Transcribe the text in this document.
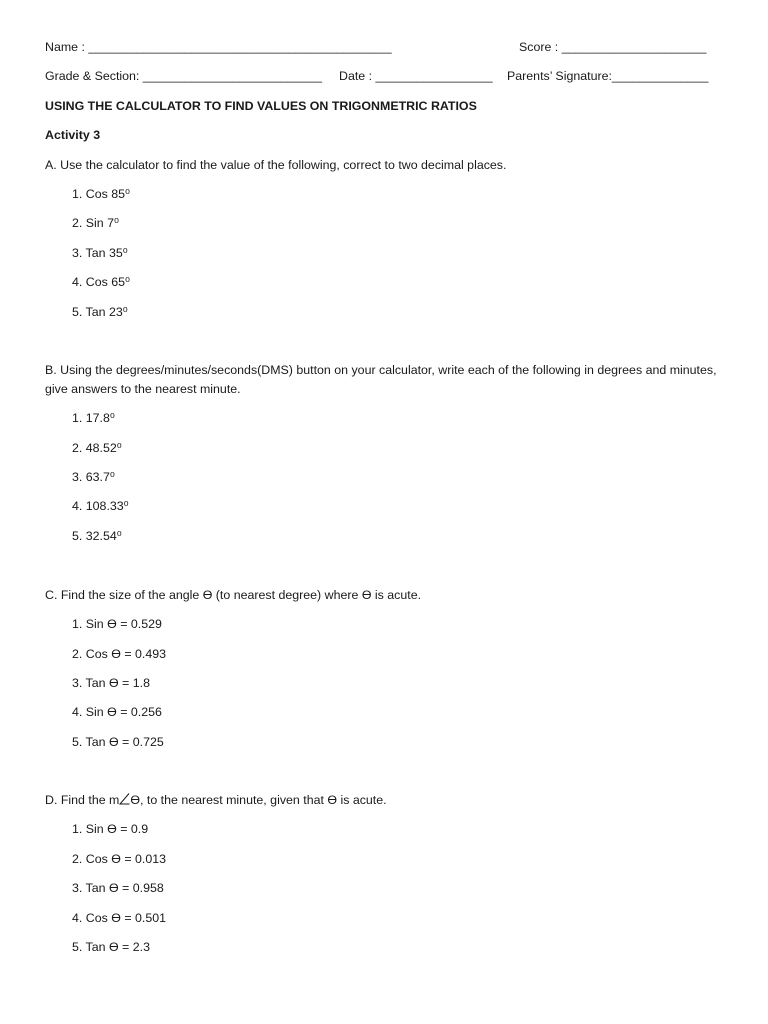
Name : ____________________________________________	Score : _____________________
Grade & Section: __________________________ Date : _________________ Parents’ Signature:______________
USING THE CALCULATOR TO FIND VALUES ON TRIGONMETRIC RATIOS
Activity 3
A. Use the calculator to find the value of the following, correct to two decimal places.
1. Cos 85⁰
2. Sin 7⁰
3. Tan 35⁰
4. Cos 65⁰
5. Tan 23⁰
B. Using the degrees/minutes/seconds(DMS) button on your calculator, write each of the following in degrees and minutes, give answers to the nearest minute.
1. 17.8⁰
2. 48.52⁰
3. 63.7⁰
4. 108.33⁰
5. 32.54⁰
C. Find the size of the angle ϴ (to nearest degree) where ϴ is acute.
1. Sin ϴ = 0.529
2. Cos ϴ = 0.493
3. Tan ϴ = 1.8
4. Sin ϴ = 0.256
5. Tan ϴ = 0.725
D. Find the m ϴ, to the nearest minute, given that ϴ is acute.
1. Sin ϴ = 0.9
2. Cos ϴ = 0.013
3. Tan ϴ = 0.958
4. Cos ϴ = 0.501
5. Tan ϴ = 2.3
